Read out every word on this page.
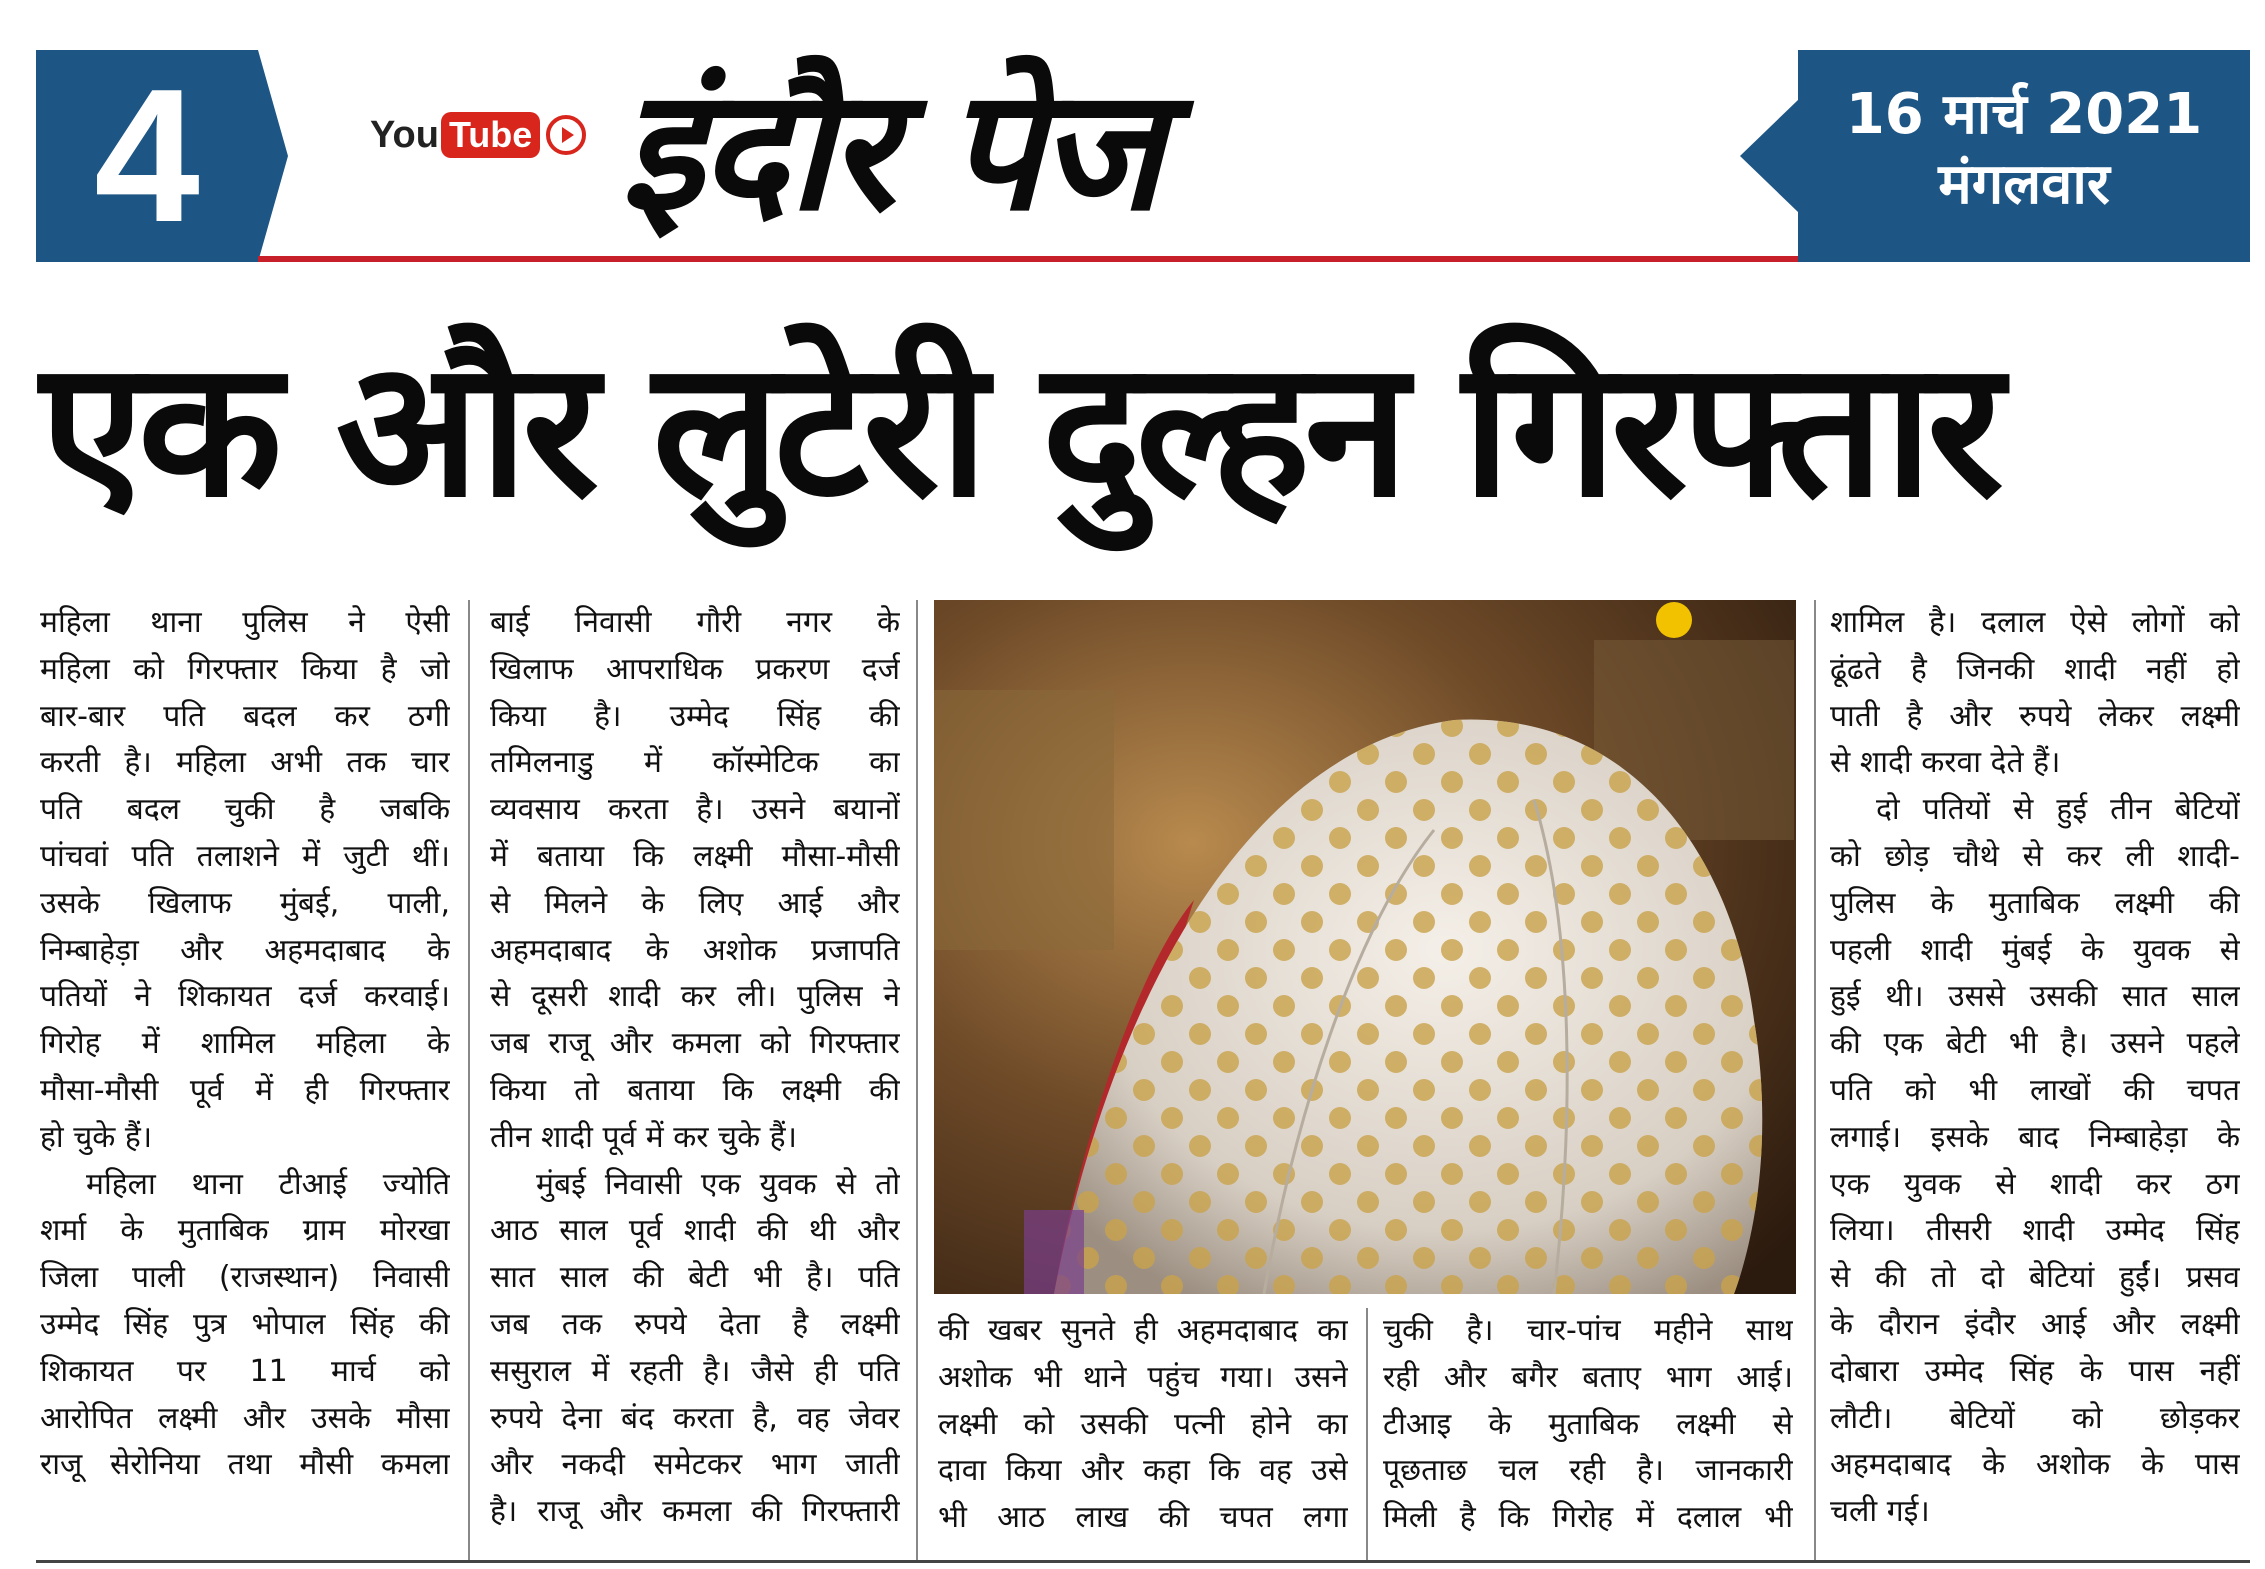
4	You Tube इंदौर पेज	16 मार्च 2021
मंगलवार
एक और लुटेरी दुल्हन गिरफ्तार
महिला थाना पुलिस ने ऐसी
महिला को गिरफ्तार किया है जो
बार-बार पति बदल कर ठगी
करती है। महिला अभी तक चार
पति बदल चुकी है जबकि
पांचवां पति तलाशने में जुटी थीं।
उसके खिलाफ मुंबई, पाली,
निम्बाहेड़ा और अहमदाबाद के
पतियों ने शिकायत दर्ज करवाई।
गिरोह में शामिल महिला के
मौसा-मौसी पूर्व में ही गिरफ्तार
हो चुके हैं।
महिला थाना टीआई ज्योति
शर्मा के मुताबिक ग्राम मोरखा
जिला पाली (राजस्थान) निवासी
उम्मेद सिंह पुत्र भोपाल सिंह की
शिकायत पर 11 मार्च को
आरोपित लक्ष्मी और उसके मौसा
राजू सेरोनिया तथा मौसी कमला
बाई निवासी गौरी नगर के
खिलाफ आपराधिक प्रकरण दर्ज
किया है। उम्मेद सिंह की
तमिलनाडु में कॉस्मेटिक का
व्यवसाय करता है। उसने बयानों
में बताया कि लक्ष्मी मौसा-मौसी
से मिलने के लिए आई और
अहमदाबाद के अशोक प्रजापति
से दूसरी शादी कर ली। पुलिस ने
जब राजू और कमला को गिरफ्तार
किया तो बताया कि लक्ष्मी की
तीन शादी पूर्व में कर चुके हैं।
मुंबई निवासी एक युवक से तो
आठ साल पूर्व शादी की थी और
सात साल की बेटी भी है। पति
जब तक रुपये देता है लक्ष्मी
ससुराल में रहती है। जैसे ही पति
रुपये देना बंद करता है, वह जेवर
और नकदी समेटकर भाग जाती
है। राजू और कमला की गिरफ्तारी
की खबर सुनते ही अहमदाबाद का
अशोक भी थाने पहुंच गया। उसने
लक्ष्मी को उसकी पत्नी होने का
दावा किया और कहा कि वह उसे
भी आठ लाख की चपत लगा
चुकी है। चार-पांच महीने साथ
रही और बगैर बताए भाग आई।
टीआइ के मुताबिक लक्ष्मी से
पूछताछ चल रही है। जानकारी
मिली है कि गिरोह में दलाल भी
शामिल है। दलाल ऐसे लोगों को
ढूंढते है जिनकी शादी नहीं हो
पाती है और रुपये लेकर लक्ष्मी
से शादी करवा देते हैं।
दो पतियों से हुई तीन बेटियों
को छोड़ चौथे से कर ली शादी-
पुलिस के मुताबिक लक्ष्मी की
पहली शादी मुंबई के युवक से
हुई थी। उससे उसकी सात साल
की एक बेटी भी है। उसने पहले
पति को भी लाखों की चपत
लगाई। इसके बाद निम्बाहेड़ा के
एक युवक से शादी कर ठग
लिया। तीसरी शादी उम्मेद सिंह
से की तो दो बेटियां हुईं। प्रसव
के दौरान इंदौर आई और लक्ष्मी
दोबारा उम्मेद सिंह के पास नहीं
लौटी। बेटियों को छोड़कर
अहमदाबाद के अशोक के पास
चली गई।
